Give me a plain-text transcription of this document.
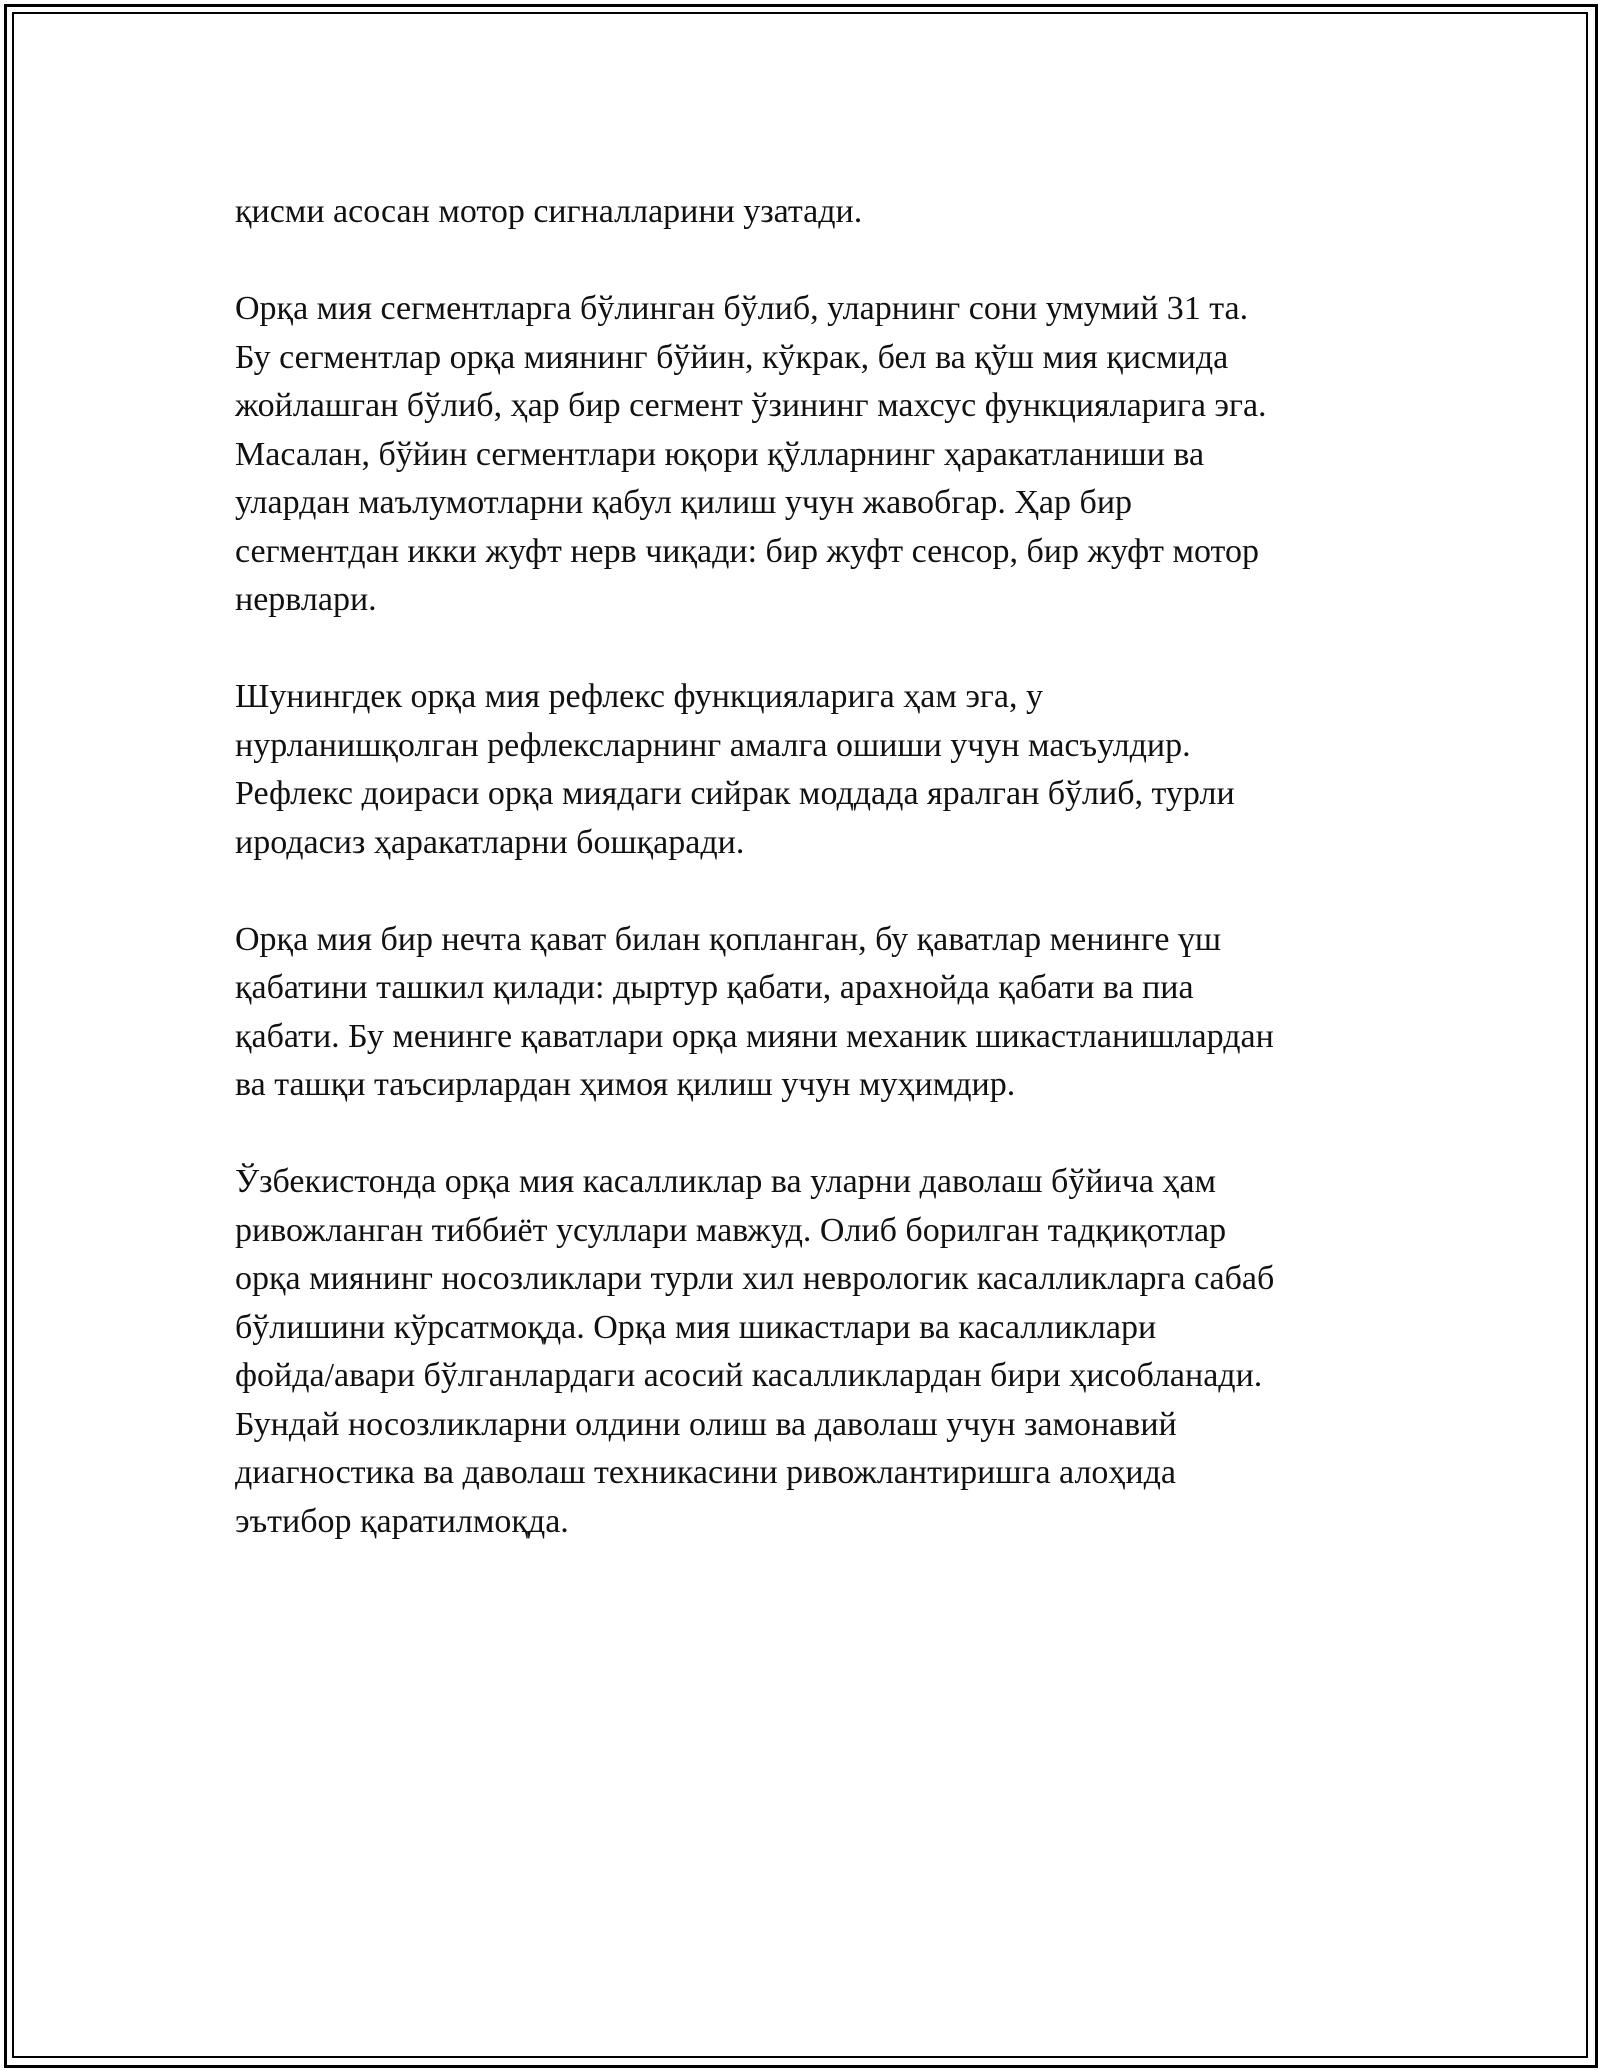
қисми асосан мотор сигналларини узатади.
Орқа мия сегментларга бўлинган бўлиб, уларнинг сони умумий 31 та.
Бу сегментлар орқа миянинг бўйин, кўкрак, бел ва қўш мия қисмида
жойлашган бўлиб, ҳар бир сегмент ўзининг махсус функцияларига эга.
Масалан, бўйин сегментлари юқори қўлларнинг ҳаракатланиши ва
улардан маълумотларни қабул қилиш учун жавобгар. Ҳар бир
сегментдан икки жуфт нерв чиқади: бир жуфт сенсор, бир жуфт мотор
нервлари.
Шунингдек орқа мия рефлекс функцияларига ҳам эга, у
нурланишқолган рефлексларнинг амалга ошиши учун масъулдир.
Рефлекс доираси орқа миядаги сийрак моддада яралган бўлиб, турли
иродасиз ҳаракатларни бошқаради.
Орқа мия бир нечта қават билан қопланган, бу қаватлар менинге үш
қабатини ташкил қилади: дыртур қабати, арахнойда қабати ва пиа
қабати. Бу менинге қаватлари орқа мияни механик шикастланишлардан
ва ташқи таъсирлардан ҳимоя қилиш учун муҳимдир.
Ўзбекистонда орқа мия касалликлар ва уларни даволаш бўйича ҳам
ривожланган тиббиёт усуллари мавжуд. Олиб борилган тадқиқотлар
орқа миянинг носозликлари турли хил неврологик касалликларга сабаб
бўлишини кўрсатмоқда. Орқа мия шикастлари ва касалликлари
фойда/авари бўлганлардаги асосий касалликлардан бири ҳисобланади.
Бундай носозликларни олдини олиш ва даволаш учун замонавий
диагностика ва даволаш техникасини ривожлантиришга алоҳида
эътибор қаратилмоқда.
